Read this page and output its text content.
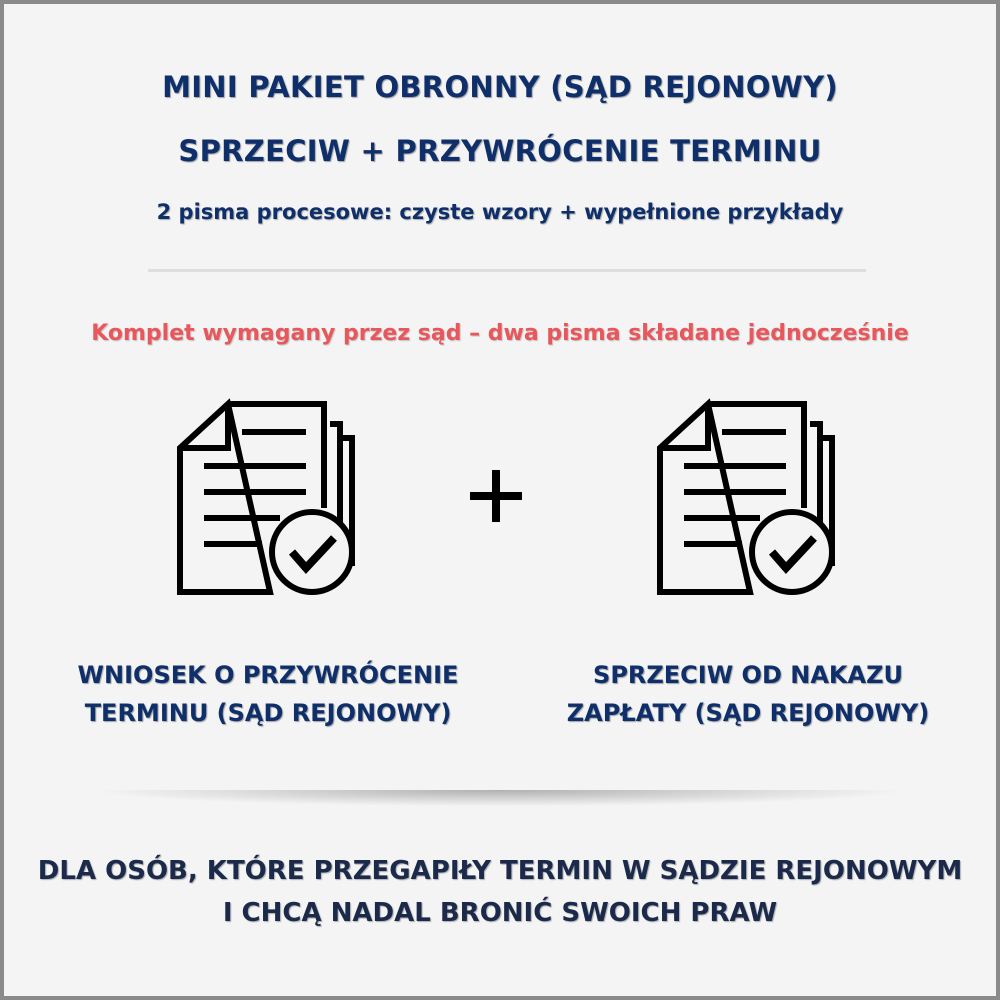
MINI PAKIET OBRONNY (SĄD REJONOWY)
SPRZECIW + PRZYWRÓCENIE TERMINU
2 pisma procesowe: czyste wzory + wypełnione przykłady
Komplet wymagany przez sąd – dwa pisma składane jednocześnie
WNIOSEK O PRZYWRÓCENIE
TERMINU (SĄD REJONOWY)
SPRZECIW OD NAKAZU
ZAPŁATY (SĄD REJONOWY)
DLA OSÓB, KTÓRE PRZEGAPIŁY TERMIN W SĄDZIE REJONOWYM
I CHCĄ NADAL BRONIĆ SWOICH PRAW
